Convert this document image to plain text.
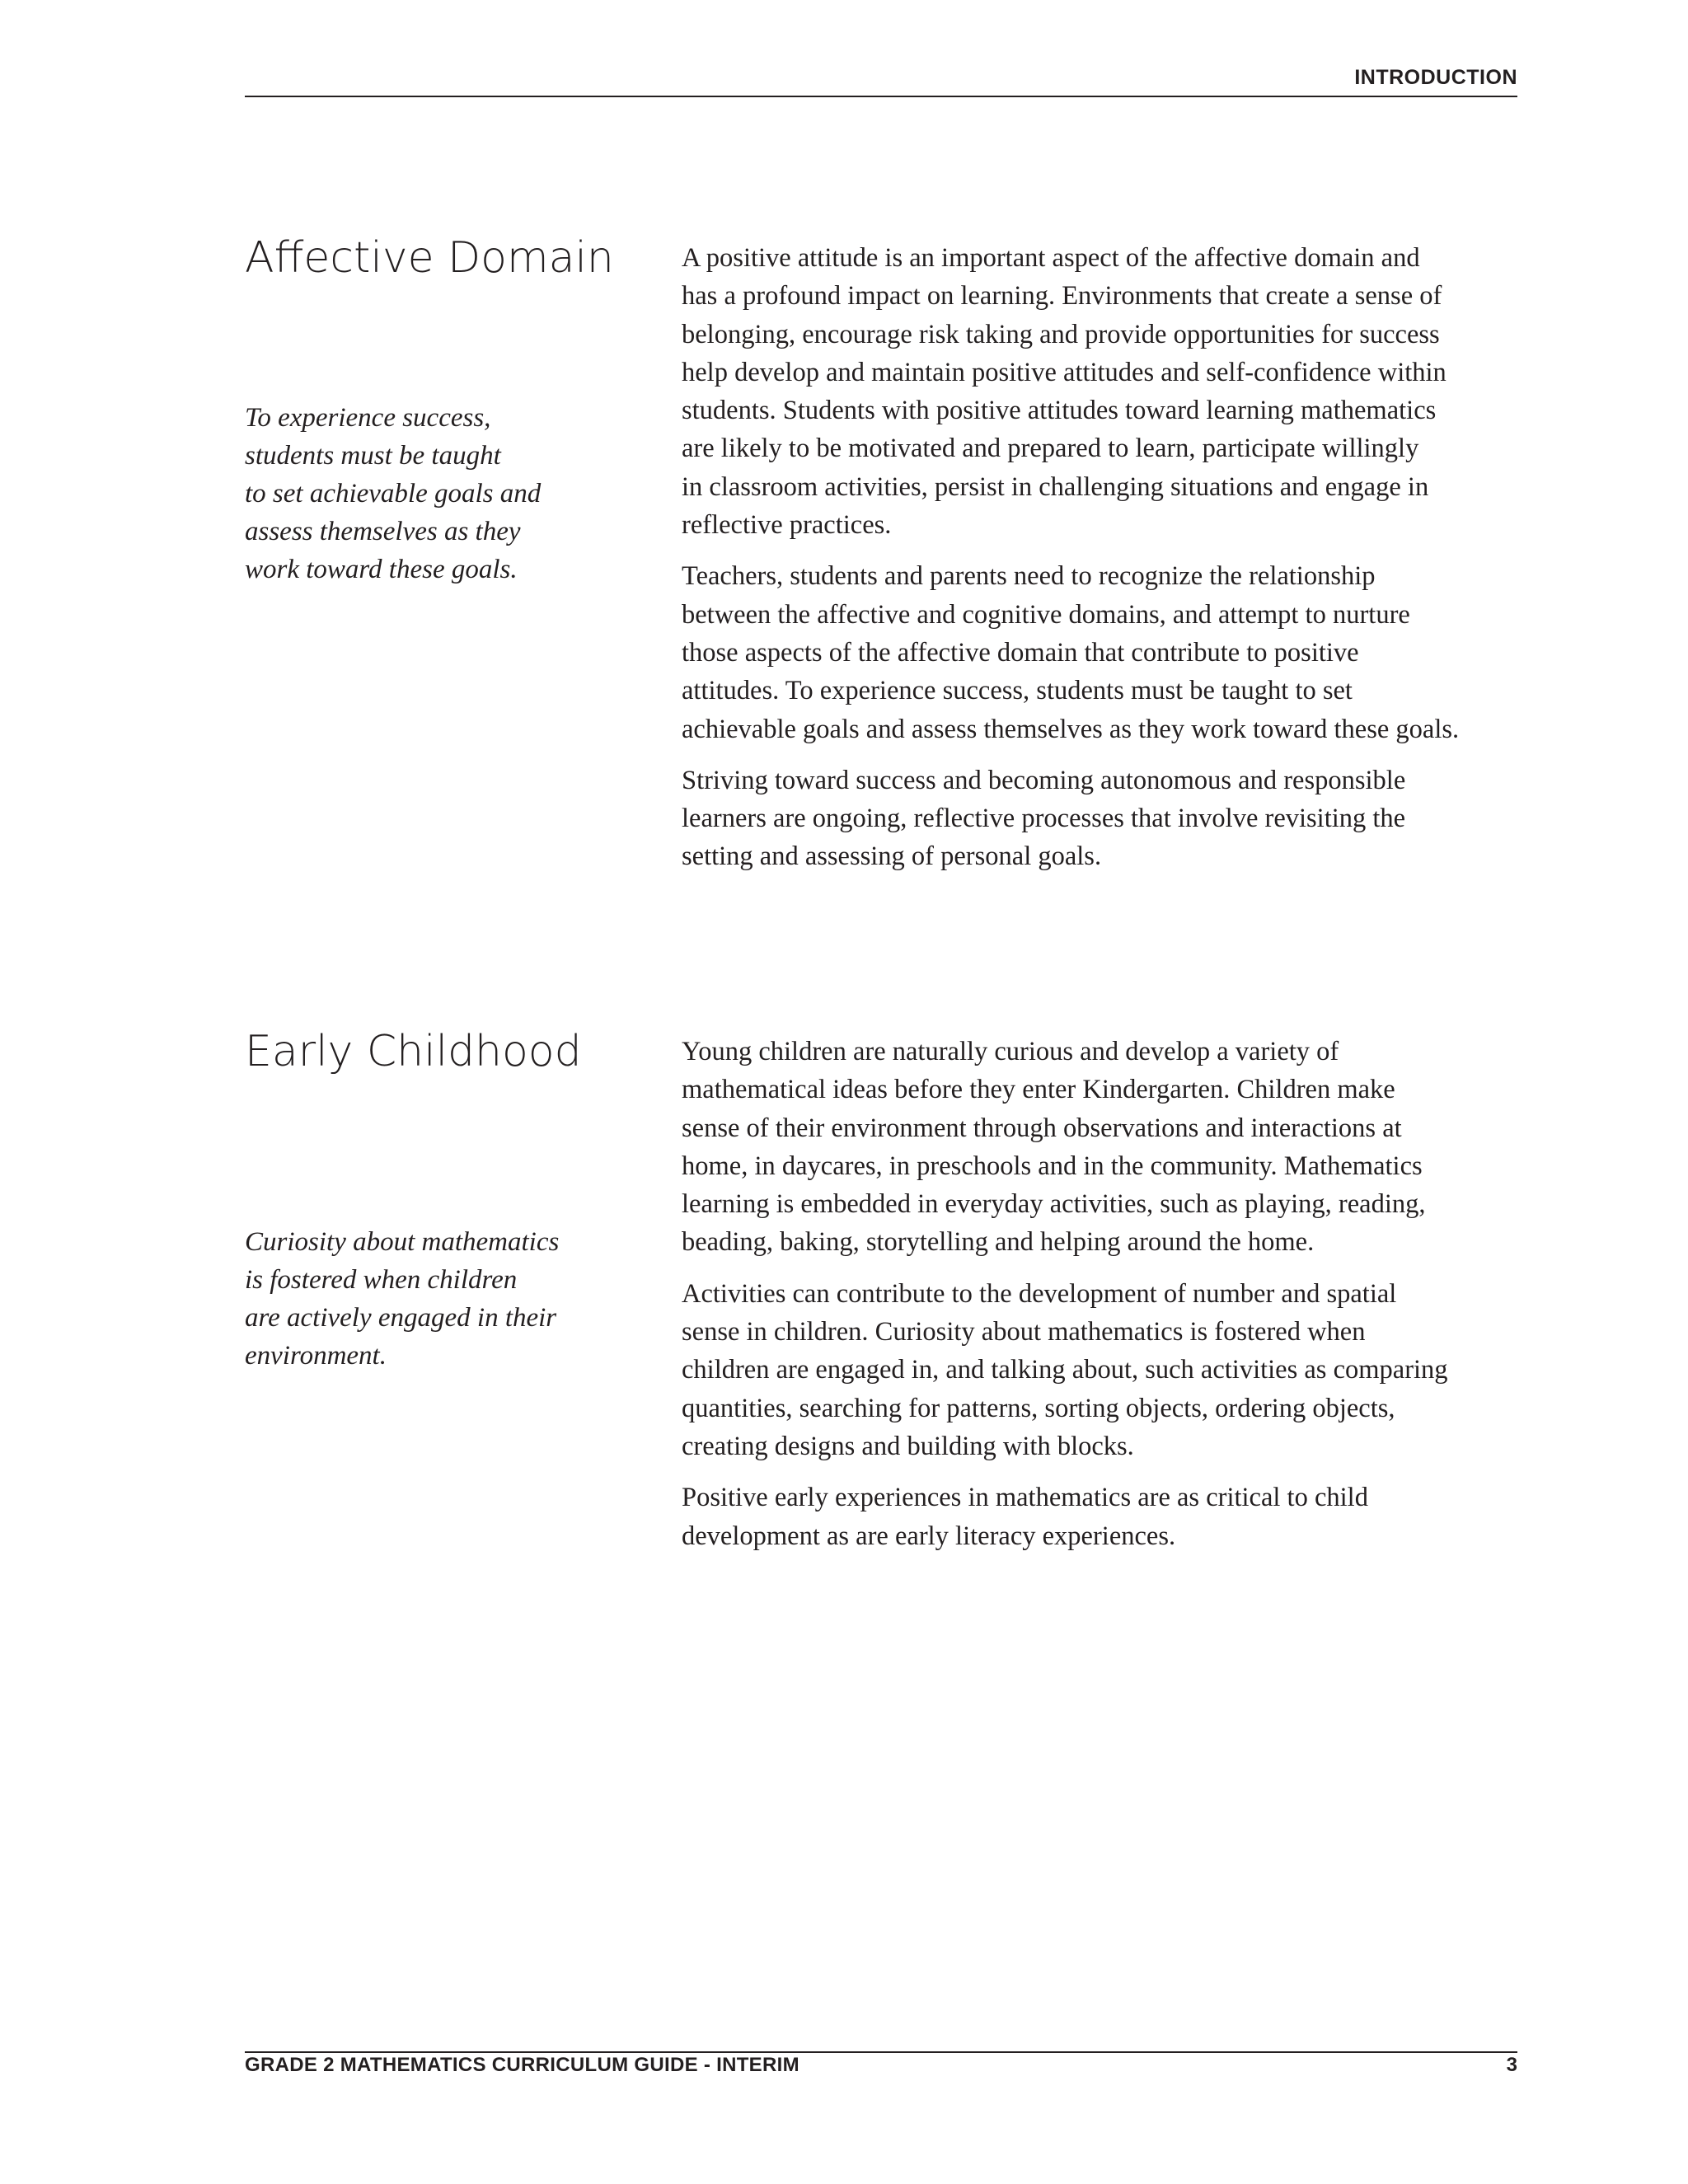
INTRODUCTION
Affective Domain
To experience success,
students must be taught
to set achievable goals and
assess themselves as they
work toward these goals.

A positive attitude is an important aspect of the affective domain and
has a profound impact on learning. Environments that create a sense of
belonging, encourage risk taking and provide opportunities for success
help develop and maintain positive attitudes and self-confidence within
students. Students with positive attitudes toward learning mathematics
are likely to be motivated and prepared to learn, participate willingly
in classroom activities, persist in challenging situations and engage in
reflective practices.

Teachers, students and parents need to recognize the relationship
between the affective and cognitive domains, and attempt to nurture
those aspects of the affective domain that contribute to positive
attitudes. To experience success, students must be taught to set
achievable goals and assess themselves as they work toward these goals.

Striving toward success and becoming autonomous and responsible
learners are ongoing, reflective processes that involve revisiting the
setting and assessing of personal goals.

Early Childhood
Curiosity about mathematics
is fostered when children
are actively engaged in their
environment.

Young children are naturally curious and develop a variety of
mathematical ideas before they enter Kindergarten. Children make
sense of their environment through observations and interactions at
home, in daycares, in preschools and in the community. Mathematics
learning is embedded in everyday activities, such as playing, reading,
beading, baking, storytelling and helping around the home.

Activities can contribute to the development of number and spatial
sense in children. Curiosity about mathematics is fostered when
children are engaged in, and talking about, such activities as comparing
quantities, searching for patterns, sorting objects, ordering objects,
creating designs and building with blocks.

Positive early experiences in mathematics are as critical to child
development as are early literacy experiences.

GRADE 2 MATHEMATICS CURRICULUM GUIDE - INTERIM	3
